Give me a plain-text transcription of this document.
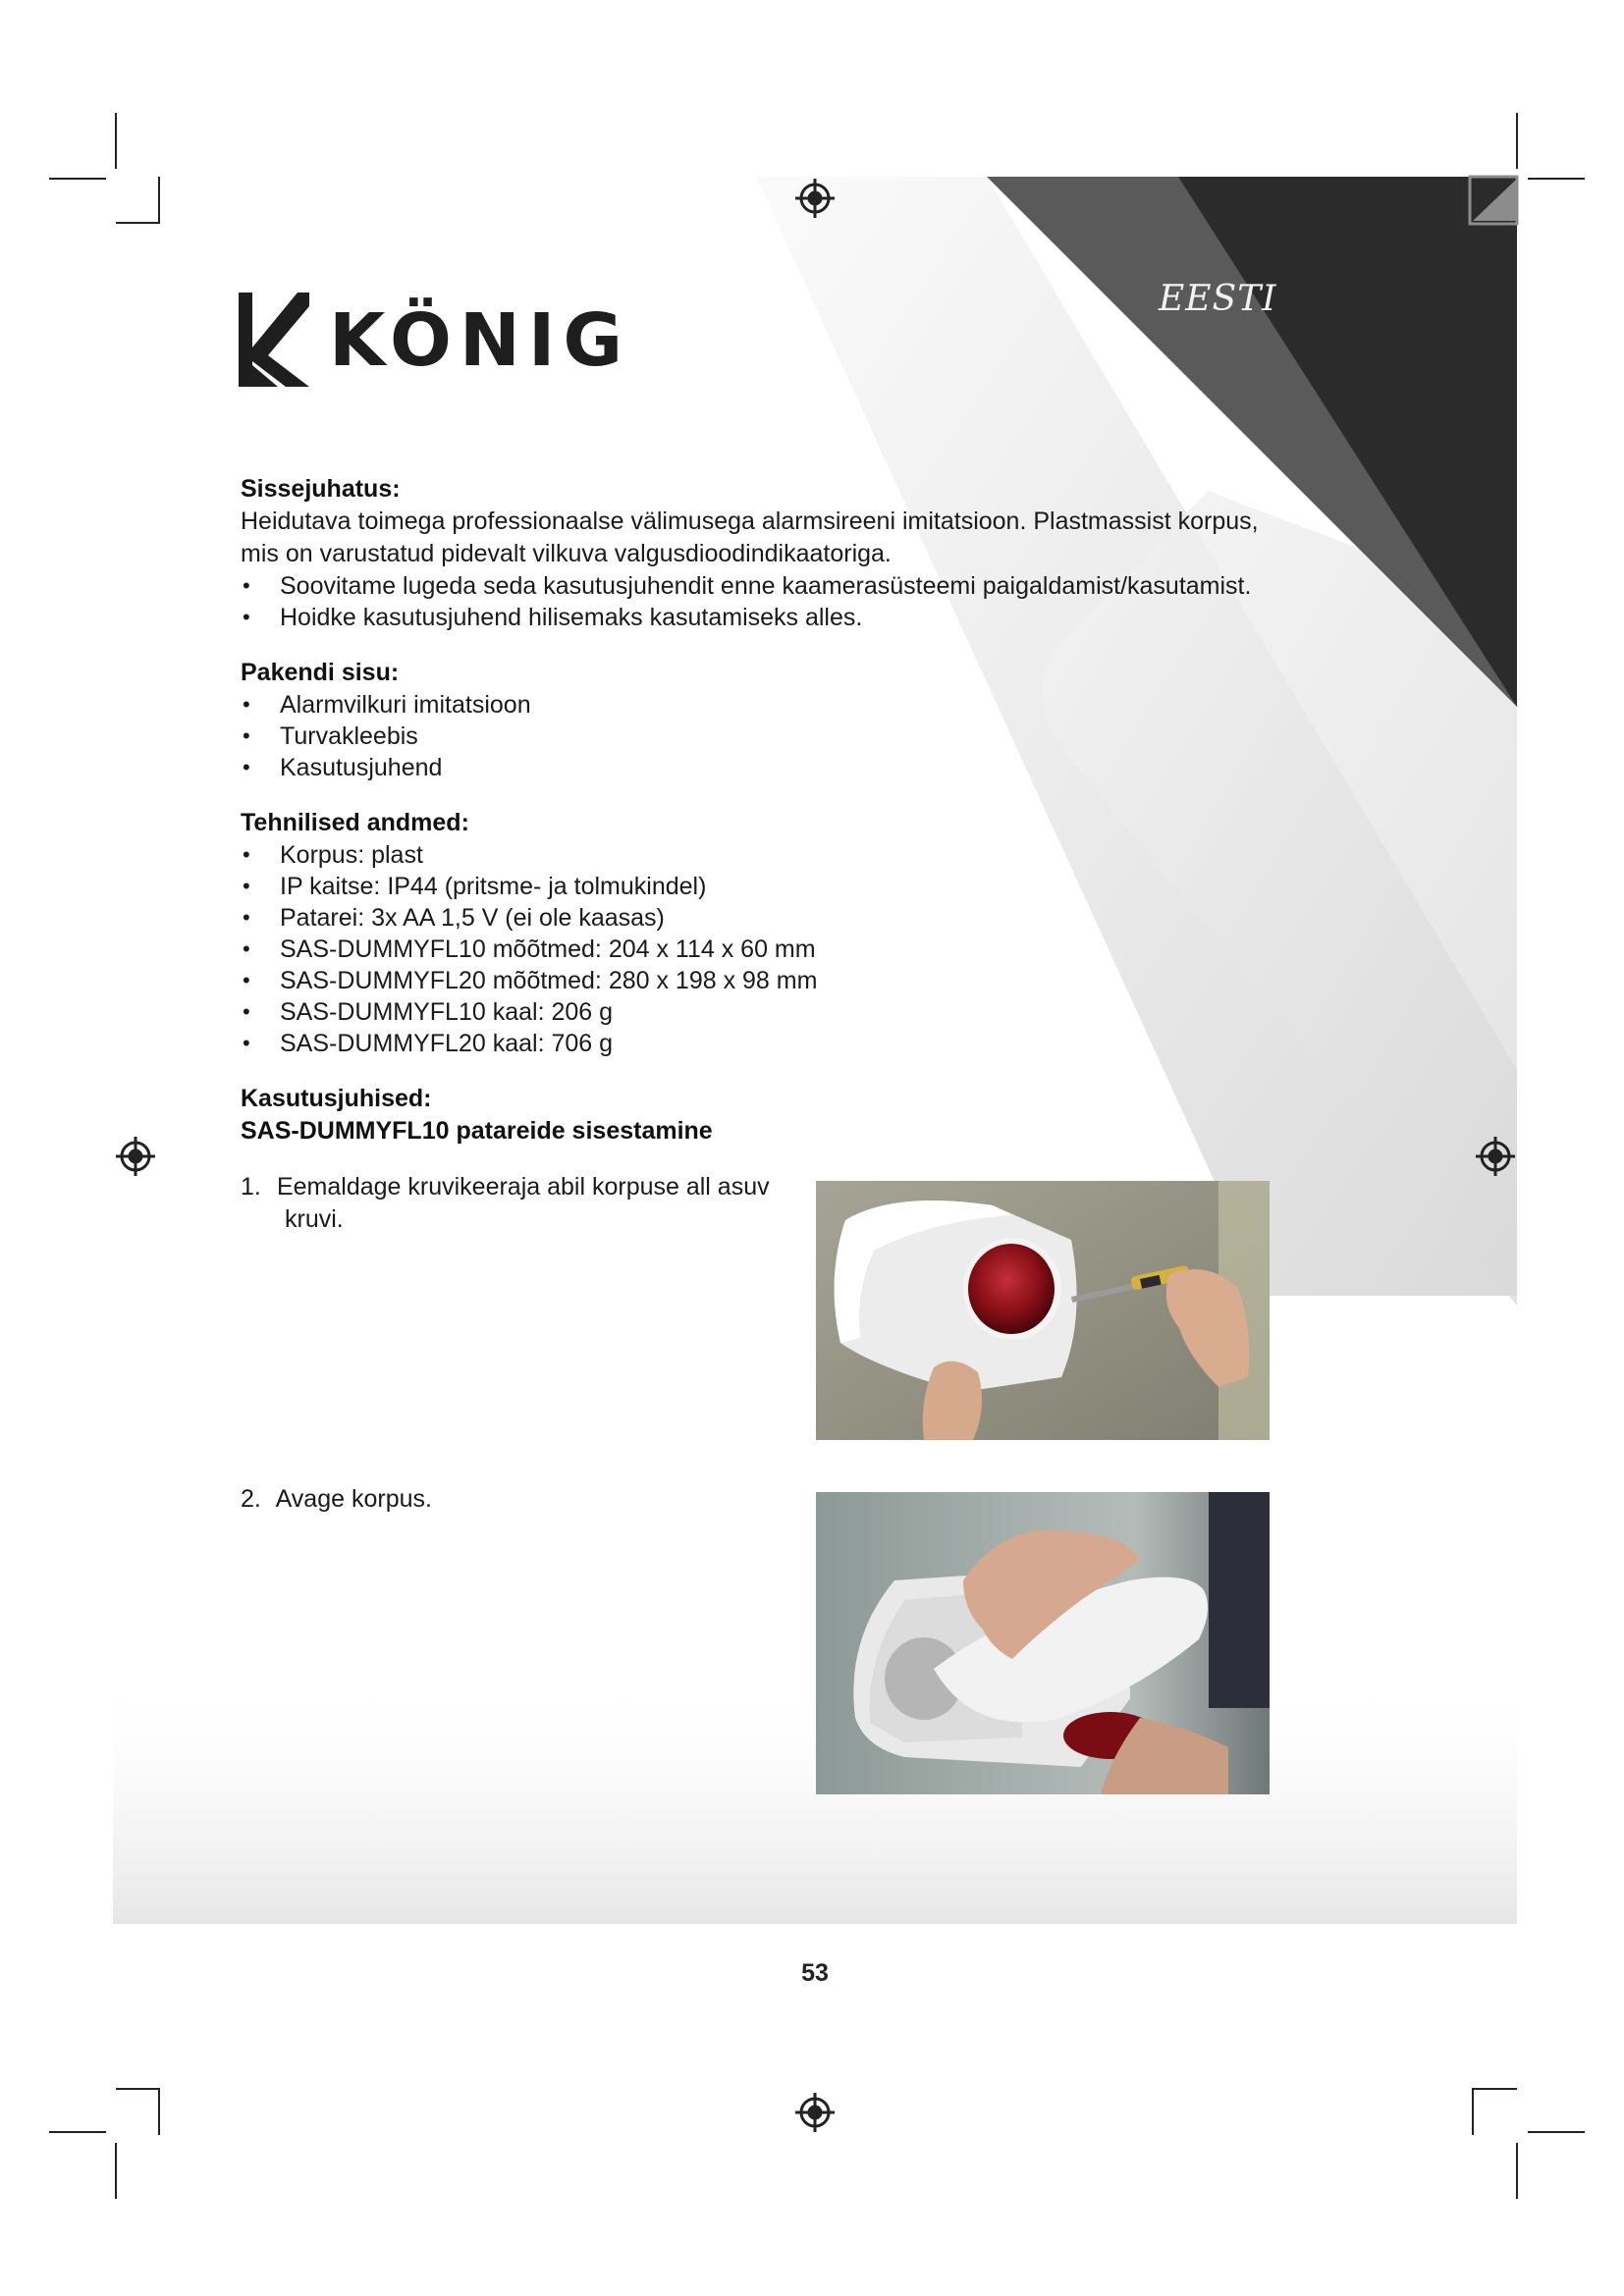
KÖNIG	EESTI
Sissejuhatus:
Heidutava toimega professionaalse välimusega alarmsireeni imitatsioon. Plastmassist korpus,
mis on varustatud pidevalt vilkuva valgusdioodindikaatoriga.
• Soovitame lugeda seda kasutusjuhendit enne kaamerasüsteemi paigaldamist/kasutamist.
• Hoidke kasutusjuhend hilisemaks kasutamiseks alles.
Pakendi sisu:
• Alarmvilkuri imitatsioon
• Turvakleebis
• Kasutusjuhend
Tehnilised andmed:
• Korpus: plast
• IP kaitse: IP44 (pritsme- ja tolmukindel)
• Patarei: 3x AA 1,5 V (ei ole kaasas)
• SAS-DUMMYFL10 mõõtmed: 204 x 114 x 60 mm
• SAS-DUMMYFL20 mõõtmed: 280 x 198 x 98 mm
• SAS-DUMMYFL10 kaal: 206 g
• SAS-DUMMYFL20 kaal: 706 g
Kasutusjuhised:
SAS-DUMMYFL10 patareide sisestamine
1. Eemaldage kruvikeeraja abil korpuse all asuv
kruvi.
2. Avage korpus.
53
